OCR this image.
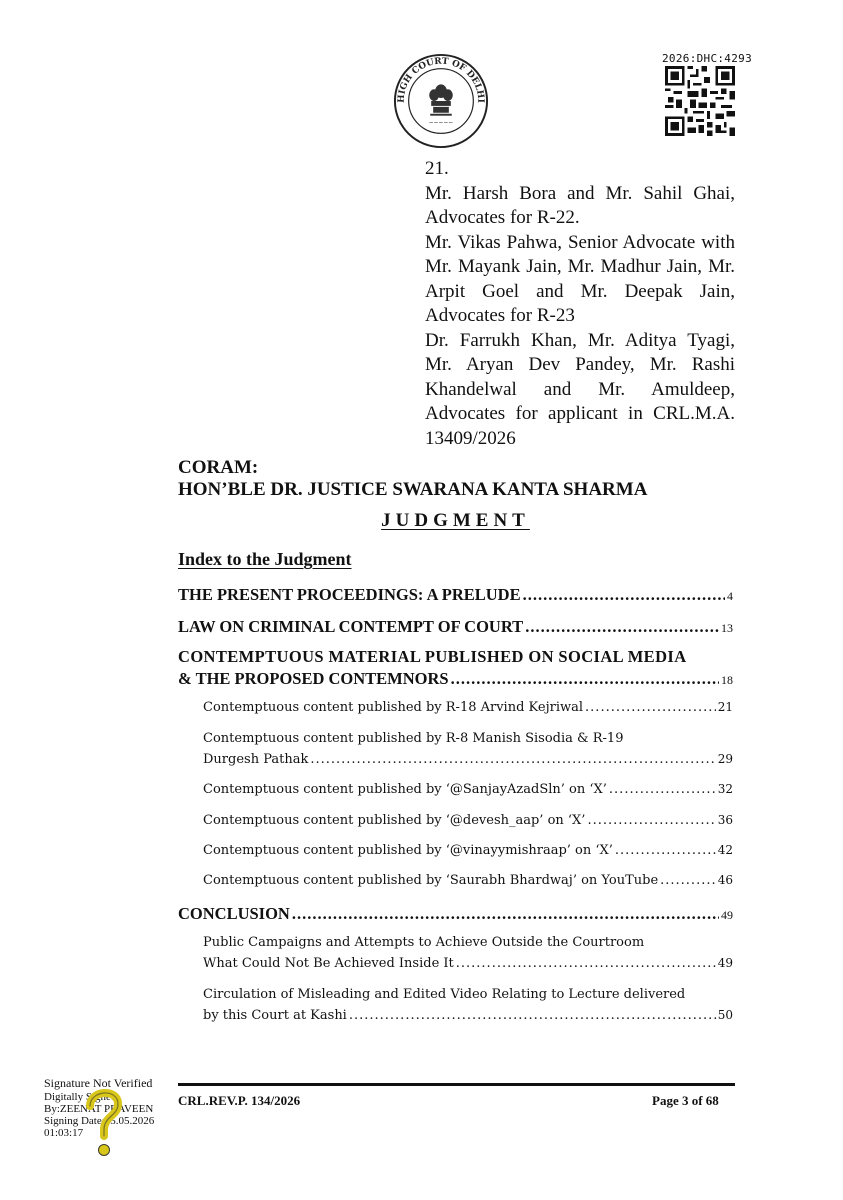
HIGH COURT OF DELHI
~~~~~
2026:DHC:4293

21.

Mr. Harsh Bora and Mr. Sahil Ghai, Advocates for R-22.

Mr. Vikas Pahwa, Senior Advocate with Mr. Mayank Jain, Mr. Madhur Jain, Mr. Arpit Goel and Mr. Deepak Jain, Advocates for R-23

Dr. Farrukh Khan, Mr. Aditya Tyagi, Mr. Aryan Dev Pandey, Mr. Rashi Khandelwal and Mr. Amuldeep, Advocates for applicant in CRL.M.A. 13409/2026

CORAM:
HON’BLE DR. JUSTICE SWARANA KANTA SHARMA
JUDGMENT
Index to the Judgment
THE PRESENT PROCEEDINGS: A PRELUDE .....	4
LAW ON CRIMINAL CONTEMPT OF COURT .....	13
CONTEMPTUOUS MATERIAL PUBLISHED ON SOCIAL MEDIA
& THE PROPOSED CONTEMNORS .....	18
Contemptuous content published by R-18 Arvind Kejriwal .....	21
Contemptuous content published by R-8 Manish Sisodia & R-19
Durgesh Pathak .....	29
Contemptuous content published by ‘@SanjayAzadSln’ on ‘X’ .....	32
Contemptuous content published by ‘@devesh_aap’ on ‘X’ .....	36
Contemptuous content published by ‘@vinayymishraap’ on ‘X’ .....	42
Contemptuous content published by ‘Saurabh Bhardwaj’ on YouTube .....	46
CONCLUSION .....	49
Public Campaigns and Attempts to Achieve Outside the Courtroom
What Could Not Be Achieved Inside It .....	49
Circulation of Misleading and Edited Video Relating to Lecture delivered
by this Court at Kashi .....	50
CRL.REV.P. 134/2026	Page 3 of 68
Signature Not Verified
Digitally Signed
By:ZEENAT PRAVEEN
Signing Date:15.05.2026
01:03:17
